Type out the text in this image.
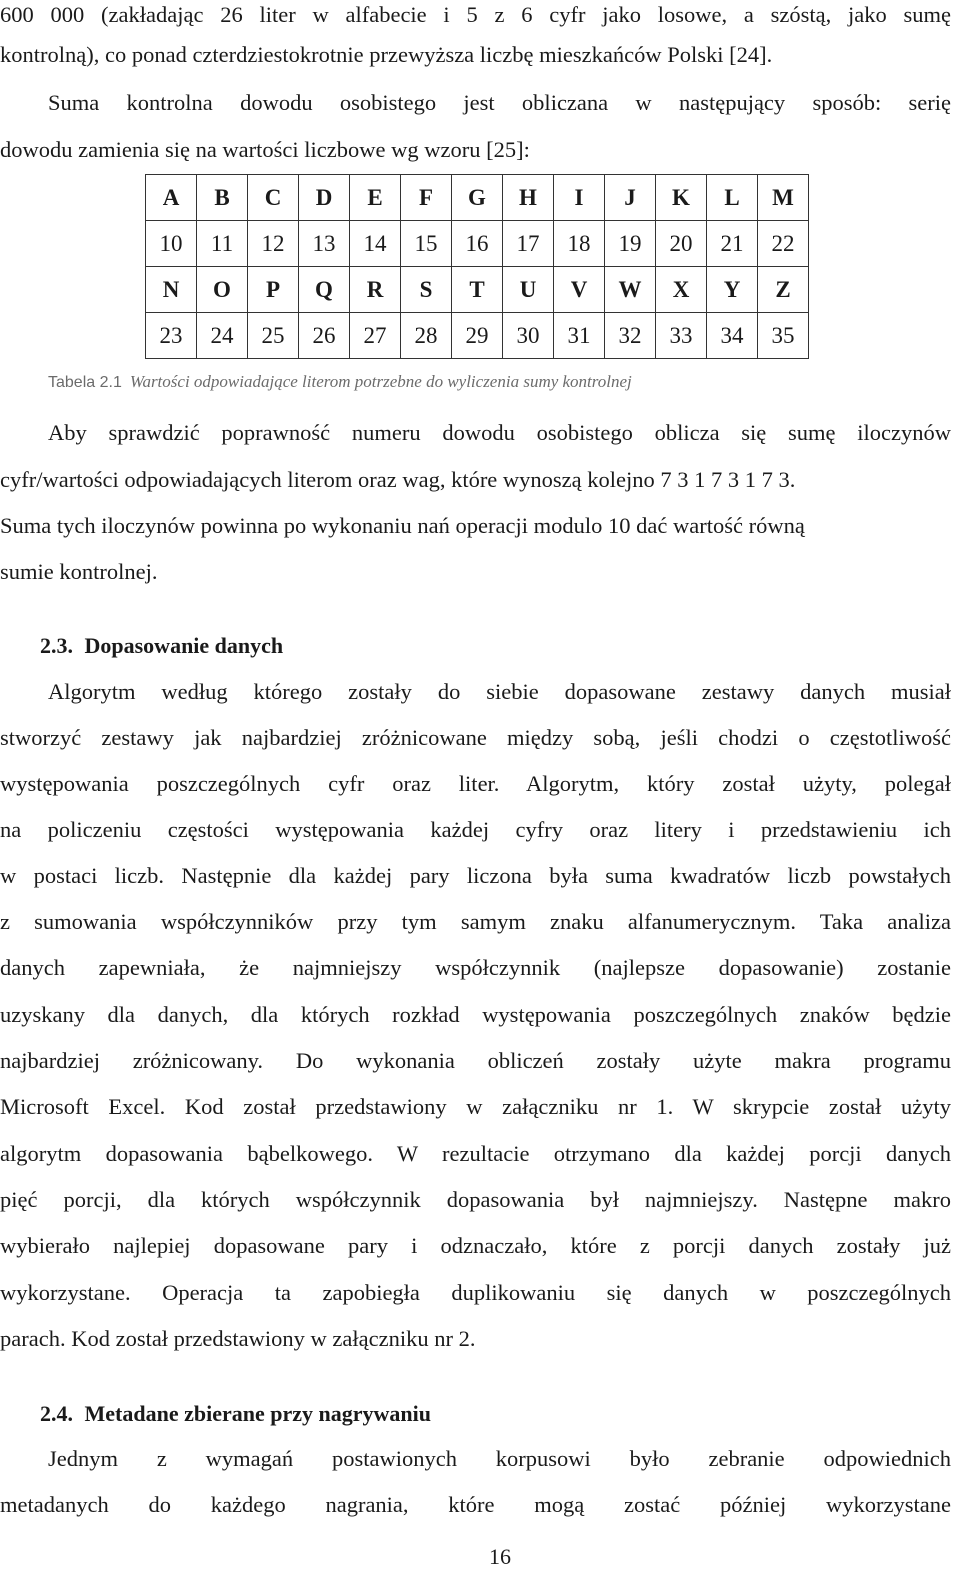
600 000 (zakładając 26 liter w alfabecie i 5 z 6 cyfr jako losowe, a szóstą, jako sumę
kontrolną), co ponad czterdziestokrotnie przewyższa liczbę mieszkańców Polski [24].
Suma kontrolna dowodu osobistego jest obliczana w następujący sposób: serię
dowodu zamienia się na wartości liczbowe wg wzoru [25]:
A	B	C	D	E	F	G	H	I	J	K	L	M
10	11	12	13	14	15	16	17	18	19	20	21	22
N	O	P	Q	R	S	T	U	V	W	X	Y	Z
23	24	25	26	27	28	29	30	31	32	33	34	35
Tabela 2.1 Wartości odpowiadające literom potrzebne do wyliczenia sumy kontrolnej
Aby sprawdzić poprawność numeru dowodu osobistego oblicza się sumę iloczynów
cyfr/wartości odpowiadających literom oraz wag, które wynoszą kolejno 7 3 1 7 3 1 7 3.
Suma tych iloczynów powinna po wykonaniu nań operacji modulo 10 dać wartość równą
sumie kontrolnej.
2.3. Dopasowanie danych
Algorytm według którego zostały do siebie dopasowane zestawy danych musiał
stworzyć zestawy jak najbardziej zróżnicowane między sobą, jeśli chodzi o częstotliwość
występowania poszczególnych cyfr oraz liter. Algorytm, który został użyty, polegał
na policzeniu częstości występowania każdej cyfry oraz litery i przedstawieniu ich
w postaci liczb. Następnie dla każdej pary liczona była suma kwadratów liczb powstałych
z sumowania współczynników przy tym samym znaku alfanumerycznym. Taka analiza
danych zapewniała, że najmniejszy współczynnik (najlepsze dopasowanie) zostanie
uzyskany dla danych, dla których rozkład występowania poszczególnych znaków będzie
najbardziej zróżnicowany. Do wykonania obliczeń zostały użyte makra programu
Microsoft Excel. Kod został przedstawiony w załączniku nr 1. W skrypcie został użyty
algorytm dopasowania bąbelkowego. W rezultacie otrzymano dla każdej porcji danych
pięć porcji, dla których współczynnik dopasowania był najmniejszy. Następne makro
wybierało najlepiej dopasowane pary i odznaczało, które z porcji danych zostały już
wykorzystane. Operacja ta zapobiegła duplikowaniu się danych w poszczególnych
parach. Kod został przedstawiony w załączniku nr 2.
2.4. Metadane zbierane przy nagrywaniu
Jednym z wymagań postawionych korpusowi było zebranie odpowiednich
metadanych do każdego nagrania, które mogą zostać później wykorzystane
16
